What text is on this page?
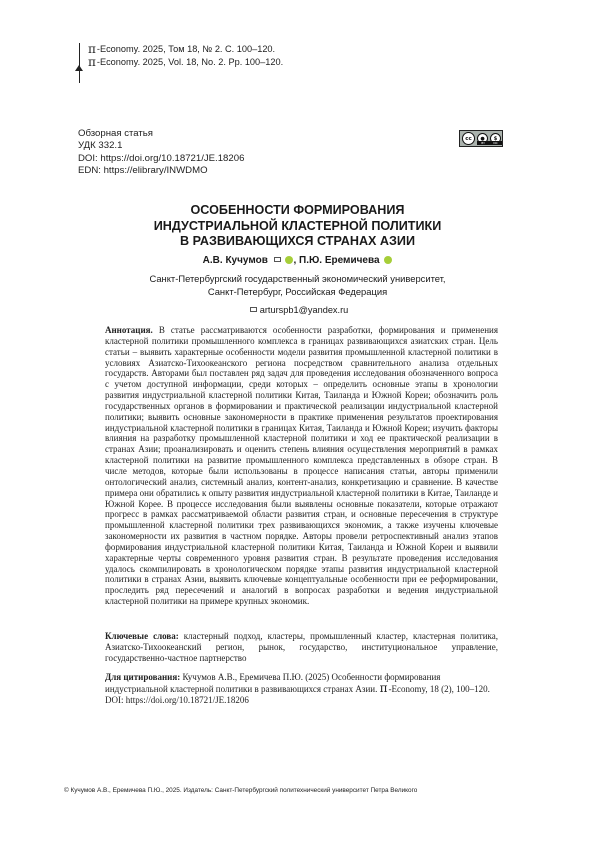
π -Economy. 2025, Том 18, № 2. С. 100–120.
π -Economy. 2025, Vol. 18, No. 2. Pp. 100–120.
Обзорная статья
УДК 332.1
DOI: https://doi.org/10.18721/JE.18206
EDN: https://elibrary/INWDMO
cc	●	$
BY	NC
ОСОБЕННОСТИ ФОРМИРОВАНИЯ
ИНДУСТРИАЛЬНОЙ КЛАСТЕРНОЙ ПОЛИТИКИ
В РАЗВИВАЮЩИХСЯ СТРАНАХ АЗИИ
А.В. Кучумов	, П.Ю. Еремичева
Санкт-Петербургский государственный экономический университет,
Санкт-Петербург, Российская Федерация
arturspb1@yandex.ru
Аннотация. В статье рассматриваются особенности разработки, формирования и применения кластерной политики промышленного комплекса в границах развивающихся азиатских стран. Цель статьи – выявить характерные особенности модели развития промышленной кластерной политики в условиях Азиатско-Тихоокеанского региона посредством сравнительного анализа отдельных государств. Авторами был поставлен ряд задач для проведения исследования обозначенного вопроса с учетом доступной информации, среди которых – определить основные этапы в хронологии развития индустриальной кластерной политики Китая, Таиланда и Южной Кореи; обозначить роль государственных органов в формировании и практической реализации индустриальной кластерной политики; выявить основные закономерности в практике применения результатов проектирования индустриальной кластерной политики в границах Китая, Таиланда и Южной Кореи; изучить факторы влияния на разработку промышленной кластерной политики и ход ее практической реализации в странах Азии; проанализировать и оценить степень влияния осуществления мероприятий в рамках кластерной политики на развитие промышленного комплекса представленных в обзоре стран. В числе методов, которые были использованы в процессе написания статьи, авторы применили онтологический анализ, системный анализ, контент-анализ, конкретизацию и сравнение. В качестве примера они обратились к опыту развития индустриальной кластерной политики в Китае, Таиланде и Южной Корее. В процессе исследования были выявлены основные показатели, которые отражают прогресс в рамках рассматриваемой области развития стран, и основные пересечения в структуре промышленной кластерной политики трех развивающихся экономик, а также изучены ключевые закономерности их развития в частном порядке. Авторы провели ретроспективный анализ этапов формирования индустриальной кластерной политики Китая, Таиланда и Южной Кореи и выявили характерные черты современного уровня развития стран. В результате проведения исследования удалось скомпилировать в хронологическом порядке этапы развития индустриальной кластерной политики в странах Азии, выявить ключевые концептуальные особенности при ее реформировании, проследить ряд пересечений и аналогий в вопросах разработки и ведения индустриальной кластерной политики на примере крупных экономик.
Ключевые слова: кластерный подход, кластеры, промышленный кластер, кластерная политика, Азиатско-Тихоокеанский регион, рынок, государство, институциональное управление, государственно-частное партнерство
Для цитирования: Кучумов А.В., Еремичева П.Ю. (2025) Особенности формирования индустриальной кластерной политики в развивающихся странах Азии. π-Economy, 18 (2), 100–120. DOI: https://doi.org/10.18721/JE.18206
© Кучумов А.В., Еремичева П.Ю., 2025. Издатель: Санкт-Петербургский политехнический университет Петра Великого
